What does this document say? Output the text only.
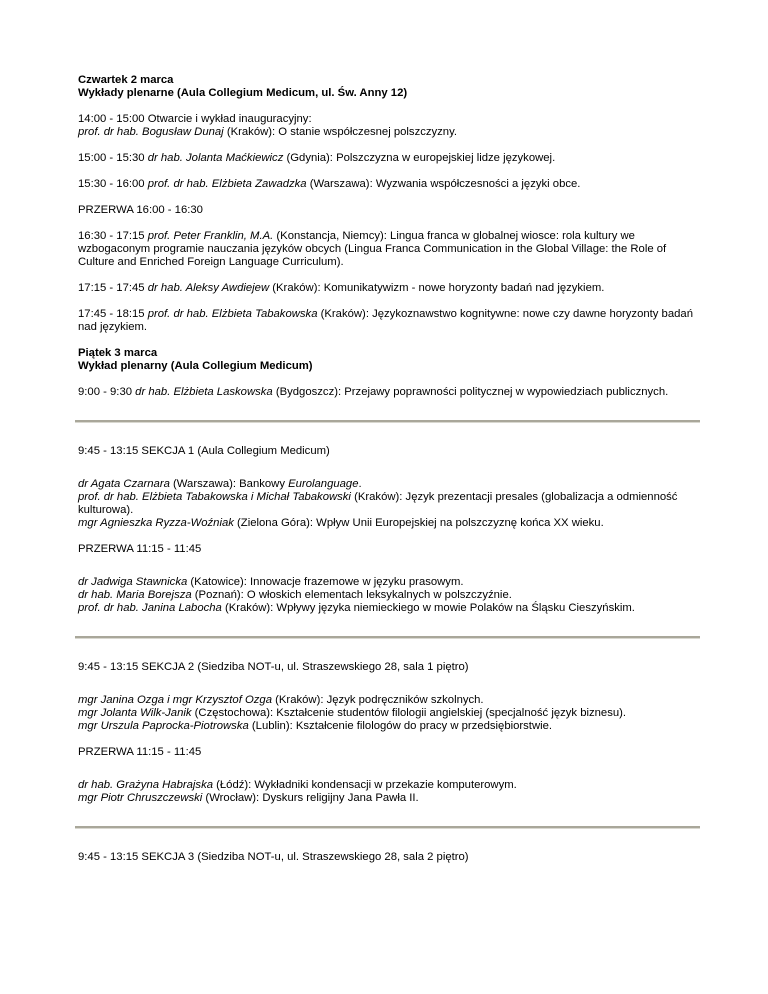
Czwartek 2 marca
Wykłady plenarne (Aula Collegium Medicum, ul. Św. Anny 12)

14:00 - 15:00 Otwarcie i wykład inauguracyjny:
prof. dr hab. Bogusław Dunaj (Kraków): O stanie współczesnej polszczyzny.

15:00 - 15:30 dr hab. Jolanta Maćkiewicz (Gdynia): Polszczyzna w europejskiej lidze językowej.

15:30 - 16:00 prof. dr hab. Elżbieta Zawadzka (Warszawa): Wyzwania współczesności a języki obce.

PRZERWA 16:00 - 16:30

16:30 - 17:15 prof. Peter Franklin, M.A. (Konstancja, Niemcy): Lingua franca w globalnej wiosce: rola kultury we wzbogaconym programie nauczania języków obcych (Lingua Franca Communication in the Global Village: the Role of Culture and Enriched Foreign Language Curriculum).

17:15 - 17:45 dr hab. Aleksy Awdiejew (Kraków): Komunikatywizm - nowe horyzonty badań nad językiem.

17:45 - 18:15 prof. dr hab. Elżbieta Tabakowska (Kraków): Językoznawstwo kognitywne: nowe czy dawne horyzonty badań nad językiem.

Piątek 3 marca
Wykład plenarny (Aula Collegium Medicum)

9:00 - 9:30 dr hab. Elżbieta Laskowska (Bydgoszcz): Przejawy poprawności politycznej w wypowiedziach publicznych.

9:45 - 13:15 SEKCJA 1 (Aula Collegium Medicum)

dr Agata Czarnara (Warszawa): Bankowy Eurolanguage.
prof. dr hab. Elżbieta Tabakowska i Michał Tabakowski (Kraków): Język prezentacji presales (globalizacja a odmienność kulturowa).
mgr Agnieszka Ryzza-Woźniak (Zielona Góra): Wpływ Unii Europejskiej na polszczyznę końca XX wieku.

PRZERWA 11:15 - 11:45

dr Jadwiga Stawnicka (Katowice): Innowacje frazemowe w języku prasowym.
dr hab. Maria Borejsza (Poznań): O włoskich elementach leksykalnych w polszczyźnie.
prof. dr hab. Janina Labocha (Kraków): Wpływy języka niemieckiego w mowie Polaków na Śląsku Cieszyńskim.

9:45 - 13:15 SEKCJA 2 (Siedziba NOT-u, ul. Straszewskiego 28, sala 1 piętro)

mgr Janina Ozga i mgr Krzysztof Ozga (Kraków): Język podręczników szkolnych.
mgr Jolanta Wilk-Janik (Częstochowa): Kształcenie studentów filologii angielskiej (specjalność język biznesu).
mgr Urszula Paprocka-Piotrowska (Lublin): Kształcenie filologów do pracy w przedsiębiorstwie.

PRZERWA 11:15 - 11:45

dr hab. Grażyna Habrajska (Łódź): Wykładniki kondensacji w przekazie komputerowym.
mgr Piotr Chruszczewski (Wrocław): Dyskurs religijny Jana Pawła II.

9:45 - 13:15 SEKCJA 3 (Siedziba NOT-u, ul. Straszewskiego 28, sala 2 piętro)
